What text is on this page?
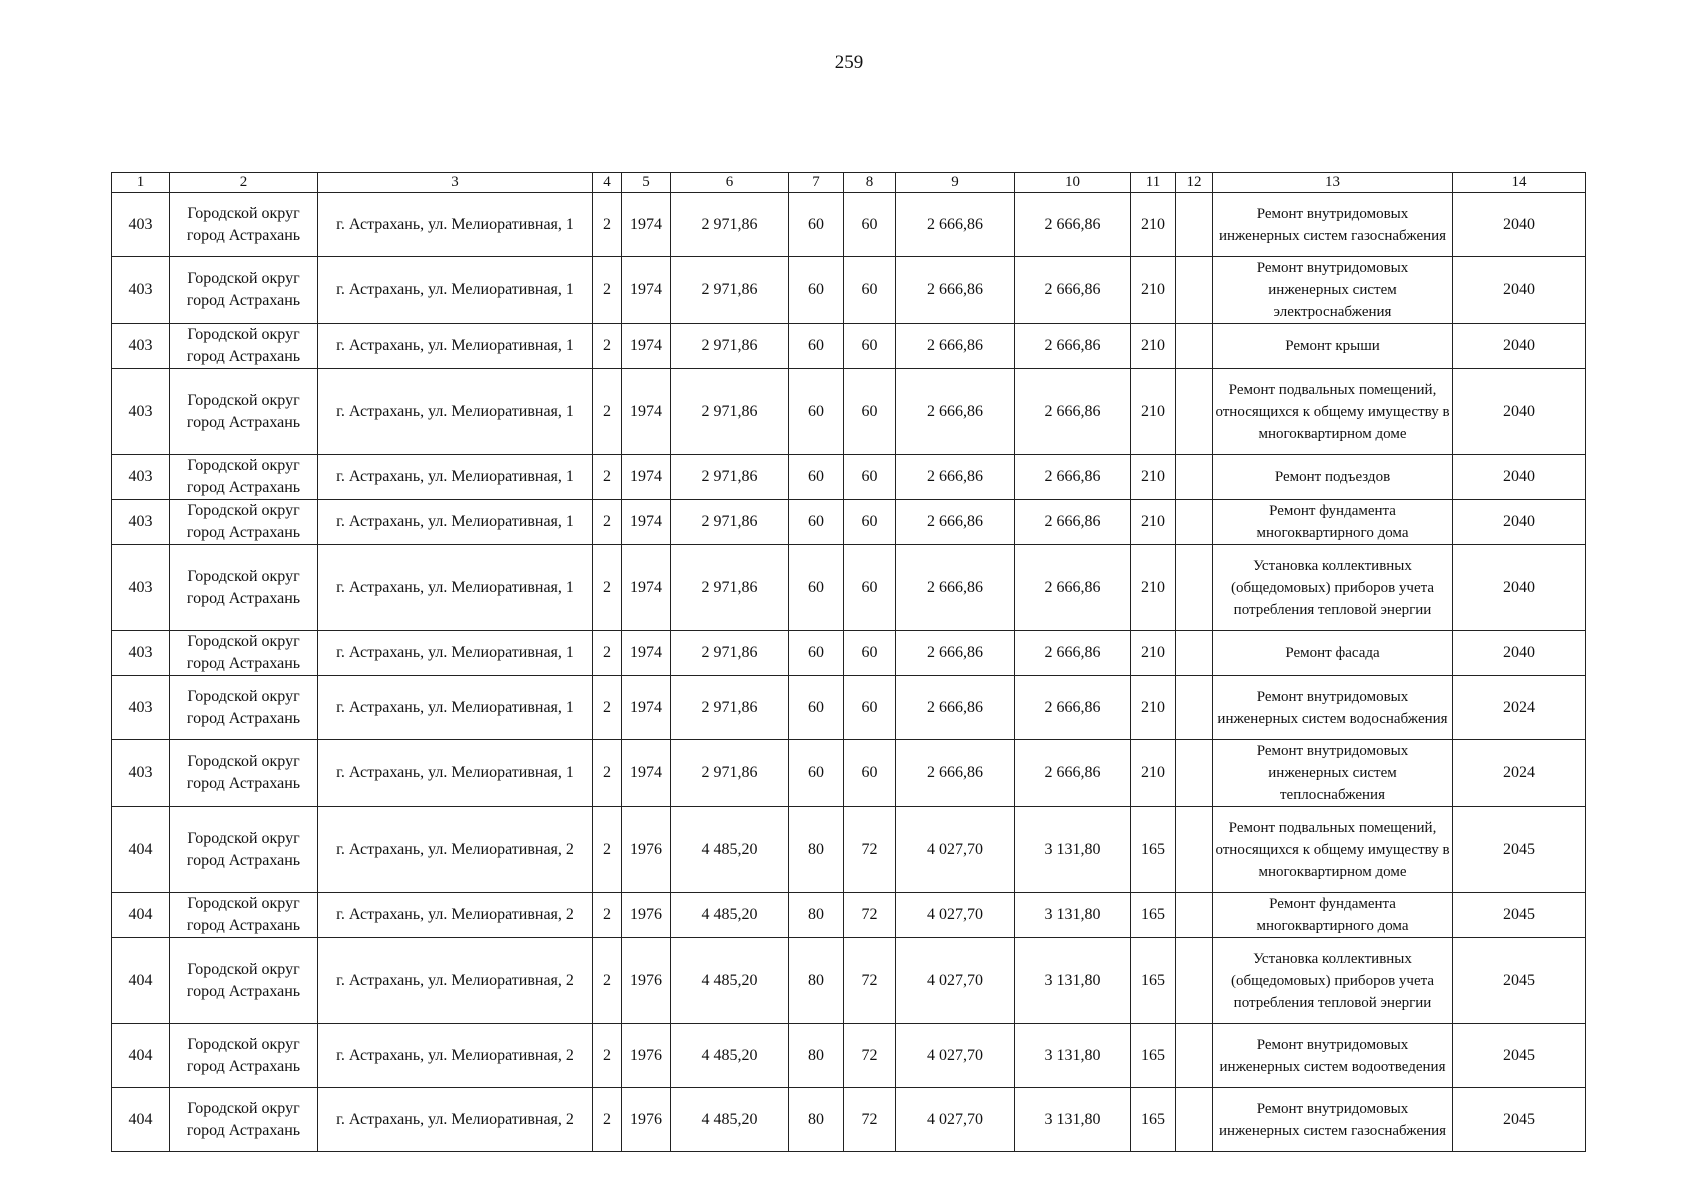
259
1	2	3	4	5	6	7	8	9	10	11	12	13	14
403	Городской округ город Астрахань	г. Астрахань, ул. Мелиоративная, 1	2	1974	2 971,86	60	60	2 666,86	2 666,86	210		Ремонт внутридомовых инженерных систем газоснабжения	2040
403	Городской округ город Астрахань	г. Астрахань, ул. Мелиоративная, 1	2	1974	2 971,86	60	60	2 666,86	2 666,86	210		Ремонт внутридомовых инженерных систем электроснабжения	2040
403	Городской округ город Астрахань	г. Астрахань, ул. Мелиоративная, 1	2	1974	2 971,86	60	60	2 666,86	2 666,86	210		Ремонт крыши	2040
403	Городской округ город Астрахань	г. Астрахань, ул. Мелиоративная, 1	2	1974	2 971,86	60	60	2 666,86	2 666,86	210		Ремонт подвальных помещений, относящихся к общему имуществу в многоквартирном доме	2040
403	Городской округ город Астрахань	г. Астрахань, ул. Мелиоративная, 1	2	1974	2 971,86	60	60	2 666,86	2 666,86	210		Ремонт подъездов	2040
403	Городской округ город Астрахань	г. Астрахань, ул. Мелиоративная, 1	2	1974	2 971,86	60	60	2 666,86	2 666,86	210		Ремонт фундамента многоквартирного дома	2040
403	Городской округ город Астрахань	г. Астрахань, ул. Мелиоративная, 1	2	1974	2 971,86	60	60	2 666,86	2 666,86	210		Установка коллективных (общедомовых) приборов учета потребления тепловой энергии	2040
403	Городской округ город Астрахань	г. Астрахань, ул. Мелиоративная, 1	2	1974	2 971,86	60	60	2 666,86	2 666,86	210		Ремонт фасада	2040
403	Городской округ город Астрахань	г. Астрахань, ул. Мелиоративная, 1	2	1974	2 971,86	60	60	2 666,86	2 666,86	210		Ремонт внутридомовых инженерных систем водоснабжения	2024
403	Городской округ город Астрахань	г. Астрахань, ул. Мелиоративная, 1	2	1974	2 971,86	60	60	2 666,86	2 666,86	210		Ремонт внутридомовых инженерных систем теплоснабжения	2024
404	Городской округ город Астрахань	г. Астрахань, ул. Мелиоративная, 2	2	1976	4 485,20	80	72	4 027,70	3 131,80	165		Ремонт подвальных помещений, относящихся к общему имуществу в многоквартирном доме	2045
404	Городской округ город Астрахань	г. Астрахань, ул. Мелиоративная, 2	2	1976	4 485,20	80	72	4 027,70	3 131,80	165		Ремонт фундамента многоквартирного дома	2045
404	Городской округ город Астрахань	г. Астрахань, ул. Мелиоративная, 2	2	1976	4 485,20	80	72	4 027,70	3 131,80	165		Установка коллективных (общедомовых) приборов учета потребления тепловой энергии	2045
404	Городской округ город Астрахань	г. Астрахань, ул. Мелиоративная, 2	2	1976	4 485,20	80	72	4 027,70	3 131,80	165		Ремонт внутридомовых инженерных систем водоотведения	2045
404	Городской округ город Астрахань	г. Астрахань, ул. Мелиоративная, 2	2	1976	4 485,20	80	72	4 027,70	3 131,80	165		Ремонт внутридомовых инженерных систем газоснабжения	2045
